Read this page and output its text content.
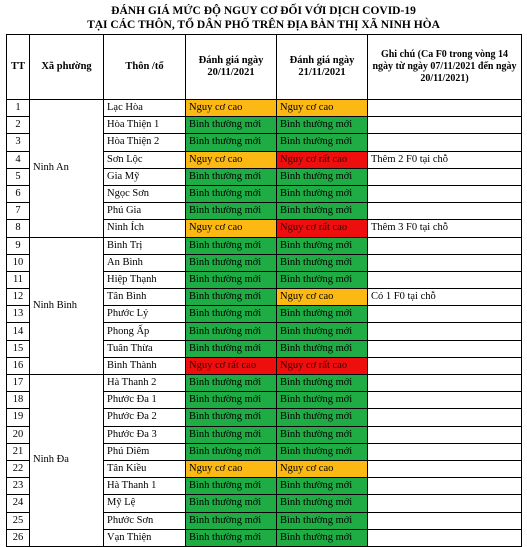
ĐÁNH GIÁ MỨC ĐỘ NGUY CƠ ĐỐI VỚI DỊCH COVID-19
TẠI CÁC THÔN, TỔ DÂN PHỐ TRÊN ĐỊA BÀN THỊ XÃ NINH HÒA
TT	Xã phường	Thôn /tổ	Đánh giá ngày 20/11/2021	Đánh giá ngày 21/11/2021	Ghi chú (Ca F0 trong vòng 14 ngày từ ngày 07/11/2021 đến ngày 20/11/2021)
1	Ninh An	Lạc Hòa	Nguy cơ cao	Nguy cơ cao	
2		Hòa Thiện 1	Bình thường mới	Bình thường mới	
3		Hòa Thiện 2	Bình thường mới	Bình thường mới	
4		Sơn Lộc	Nguy cơ cao	Nguy cơ rất cao	Thêm 2 F0 tại chỗ
5		Gia Mỹ	Bình thường mới	Bình thường mới	
6		Ngọc Sơn	Bình thường mới	Bình thường mới	
7		Phú Gia	Bình thường mới	Bình thường mới	
8		Ninh Ích	Nguy cơ cao	Nguy cơ rất cao	Thêm 3 F0 tại chỗ
9	Ninh Bình	Bình Trị	Bình thường mới	Bình thường mới	
10		An Bình	Bình thường mới	Bình thường mới	
11		Hiệp Thạnh	Bình thường mới	Bình thường mới	
12		Tân Bình	Bình thường mới	Nguy cơ cao	Có 1 F0 tại chỗ
13		Phước Lý	Bình thường mới	Bình thường mới	
14		Phong Ấp	Bình thường mới	Bình thường mới	
15		Tuân Thừa	Bình thường mới	Bình thường mới	
16		Bình Thành	Nguy cơ rất cao	Nguy cơ rất cao	
17	Ninh Đa	Hà Thanh 2	Bình thường mới	Bình thường mới	
18		Phước Đa 1	Bình thường mới	Bình thường mới	
19		Phước Đa 2	Bình thường mới	Bình thường mới	
20		Phước Đa 3	Bình thường mới	Bình thường mới	
21		Phú Diêm	Bình thường mới	Bình thường mới	
22		Tân Kiều	Nguy cơ cao	Nguy cơ cao	
23		Hà Thanh 1	Bình thường mới	Bình thường mới	
24		Mỹ Lệ	Bình thường mới	Bình thường mới	
25		Phước Sơn	Bình thường mới	Bình thường mới	
26		Vạn Thiện	Bình thường mới	Bình thường mới	
